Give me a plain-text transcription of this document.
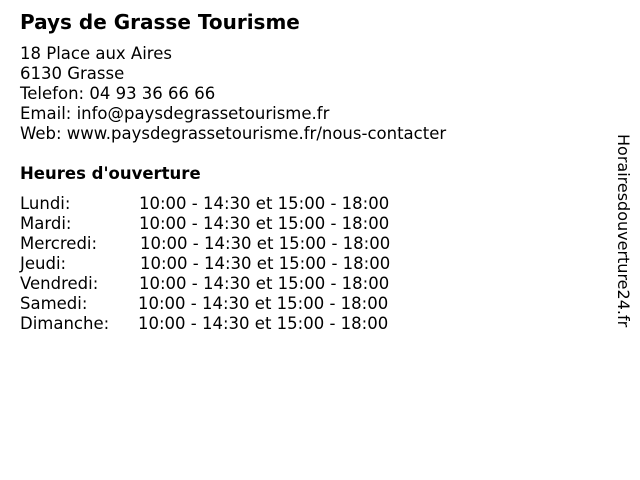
Pays de Grasse Tourisme
18 Place aux Aires
6130 Grasse
Telefon: 04 93 36 66 66
Email: info@paysdegrassetourisme.fr
Web: www.paysdegrassetourisme.fr/nous-contacter
Heures d'ouverture
Lundi:	10:00 - 14:30 et 15:00 - 18:00
Mardi:	10:00 - 14:30 et 15:00 - 18:00
Mercredi:	10:00 - 14:30 et 15:00 - 18:00
Jeudi:	10:00 - 14:30 et 15:00 - 18:00
Vendredi: 10:00 - 14:30 et 15:00 - 18:00
Samedi:	10:00 - 14:30 et 15:00 - 18:00
Dimanche: 10:00 - 14:30 et 15:00 - 18:00	Horairesdouverture24.fr
